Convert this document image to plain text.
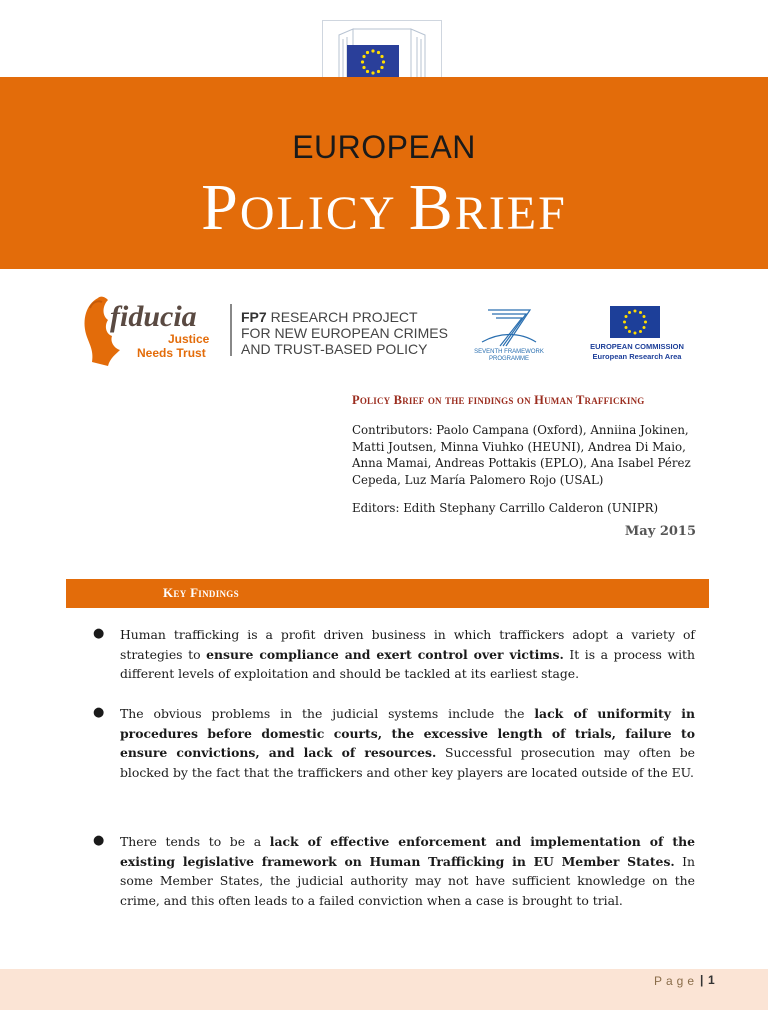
EUROPEAN
POLICY BRIEF
fiducia
Justice
Needs Trust
FP7 RESEARCH PROJECT
FOR NEW EUROPEAN CRIMES
AND TRUST-BASED POLICY	SEVENTH FRAMEWORK
PROGRAMME
EUROPEAN COMMISSION
European Research Area
Policy Brief on the findings on Human Trafficking
Contributors: Paolo Campana (Oxford), Anniina Jokinen,
Matti Joutsen, Minna Viuhko (HEUNI), Andrea Di Maio,
Anna Mamai, Andreas Pottakis (EPLO), Ana Isabel Pérez
Cepeda, Luz María Palomero Rojo (USAL)
Editors: Edith Stephany Carrillo Calderon (UNIPR)
May 2015
Key Findings
● Human trafficking is a profit driven business in which traffickers adopt a variety of strategies to ensure compliance and exert control over victims. It is a process with different levels of exploitation and should be tackled at its earliest stage.
● The obvious problems in the judicial systems include the lack of uniformity in procedures before domestic courts, the excessive length of trials, failure to ensure convictions, and lack of resources. Successful prosecution may often be blocked by the fact that the traffickers and other key players are located outside of the EU.
● There tends to be a lack of effective enforcement and implementation of the existing legislative framework on Human Trafficking in EU Member States. In some Member States, the judicial authority may not have sufficient knowledge on the crime, and this often leads to a failed conviction when a case is brought to trial.
Page | 1
